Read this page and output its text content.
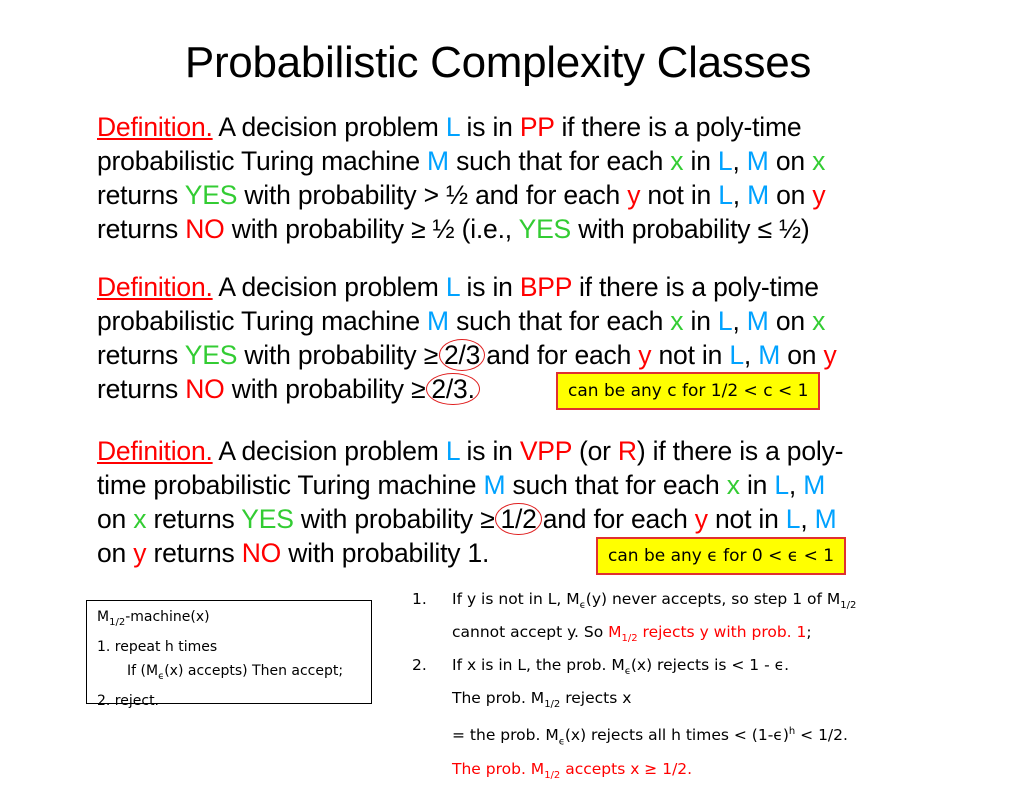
Probabilistic Complexity Classes
Definition. A decision problem L is in PP if there is a poly-time
probabilistic Turing machine M such that for each x in L, M on x
returns YES with probability > ½ and for each y not in L, M on y
returns NO with probability ≥ ½ (i.e., YES with probability ≤ ½)
Definition. A decision problem L is in BPP if there is a poly-time
probabilistic Turing machine M such that for each x in L, M on x
returns YES with probability ≥ 2/3 and for each y not in L, M on y
returns NO with probability ≥ 2/3.
Definition. A decision problem L is in VPP (or R) if there is a poly-
time probabilistic Turing machine M such that for each x in L, M
on x returns YES with probability ≥ 1/2 and for each y not in L, M
on y returns NO with probability 1.
can be any c for 1/2 < c < 1
can be any ϵ for 0 < ϵ < 1
$M_{1/2}-machine(x)$
1. repeat h times
If ($M_\epsilon(x)$ accepts) Then accept;
2. reject.
1.	If y is not in L, $M_\epsilon(y)$ never accepts, so step 1 of $M_{1/2}$
cannot accept y. So $M_{1/2}$ rejects y with prob. 1;
2.	If x is in L, the prob. $M_\epsilon(x)$ rejects is < 1 - ϵ.
The prob. $M_{1/2}$ rejects x
= the prob. $M_\epsilon(x)$ rejects all h times < $(1-\epsilon)^h < 1/2$.
The prob. $M_{1/2}$ accepts x ≥ 1/2.
